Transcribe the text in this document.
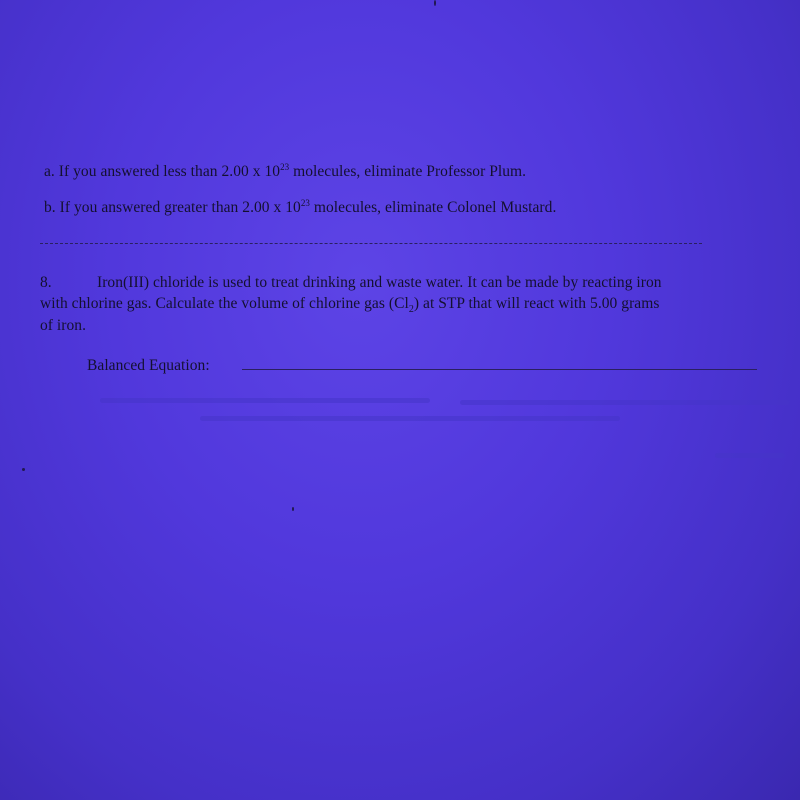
a. If you answered less than 2.00 x $10^{23}$ molecules, eliminate Professor Plum.
b. If you answered greater than 2.00 x $10^{23}$ molecules, eliminate Colonel Mustard.
8.	Iron(III) chloride is used to treat drinking and waste water. It can be made by reacting iron
with chlorine gas. Calculate the volume of chlorine gas $(Cl_2)$ at STP that will react with 5.00 grams
of iron.
Balanced Equation:
